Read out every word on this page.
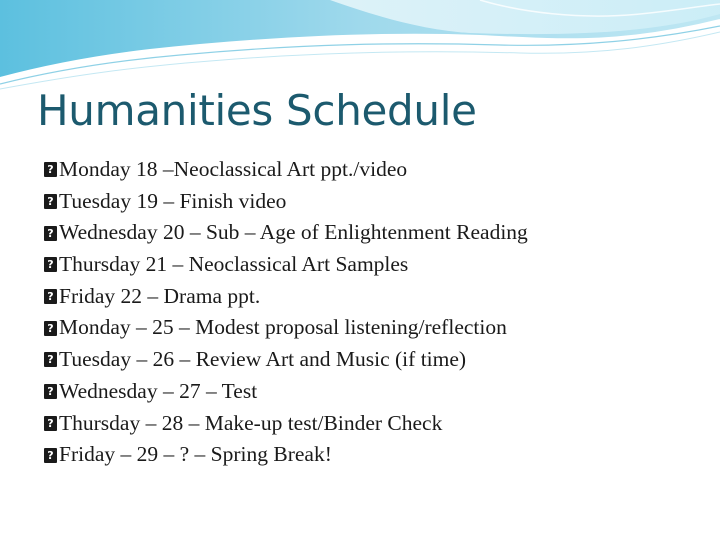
Humanities Schedule
?
Monday 18 –Neoclassical Art ppt./video
?
Tuesday 19 – Finish video
?
Wednesday 20 – Sub – Age of Enlightenment Reading
?
Thursday 21 – Neoclassical Art Samples
?
Friday 22 – Drama ppt.
?
Monday – 25 – Modest proposal listening/reflection
?
Tuesday – 26 – Review Art and Music (if time)
?
Wednesday – 27 – Test
?
Thursday – 28 – Make-up test/Binder Check
?
Friday – 29 – ? – Spring Break!
